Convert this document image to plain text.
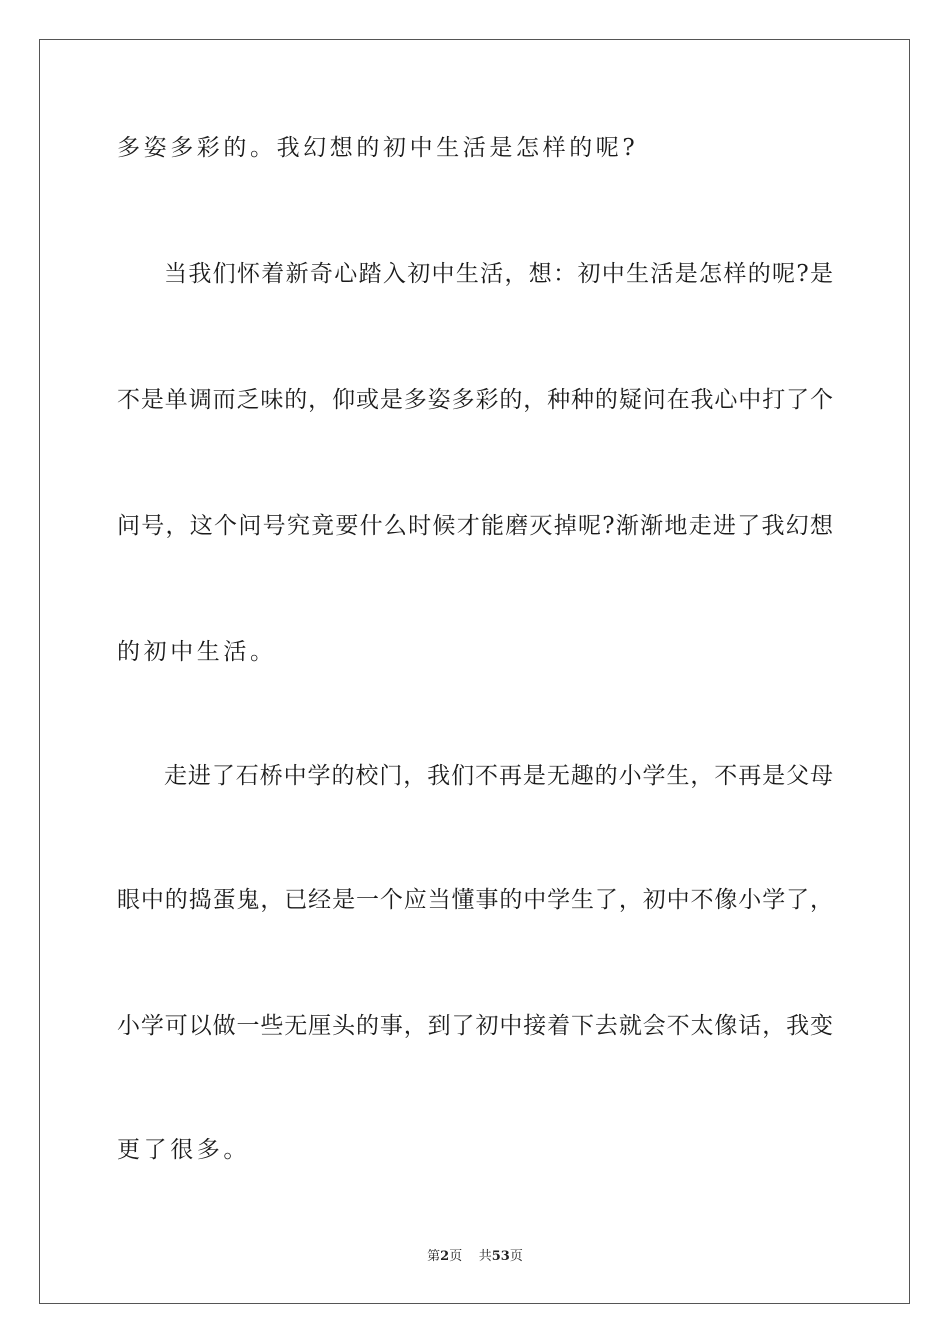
多姿多彩的。我幻想的初中生活是怎样的呢?
当我们怀着新奇心踏入初中生活，想：初中生活是怎样的呢?是
不是单调而乏味的，仰或是多姿多彩的，种种的疑问在我心中打了个
问号，这个问号究竟要什么时候才能磨灭掉呢?渐渐地走进了我幻想
的初中生活。
走进了石桥中学的校门，我们不再是无趣的小学生，不再是父母
眼中的捣蛋鬼，已经是一个应当懂事的中学生了，初中不像小学了，
小学可以做一些无厘头的事，到了初中接着下去就会不太像话，我变
更了很多。
第2页 共53页
